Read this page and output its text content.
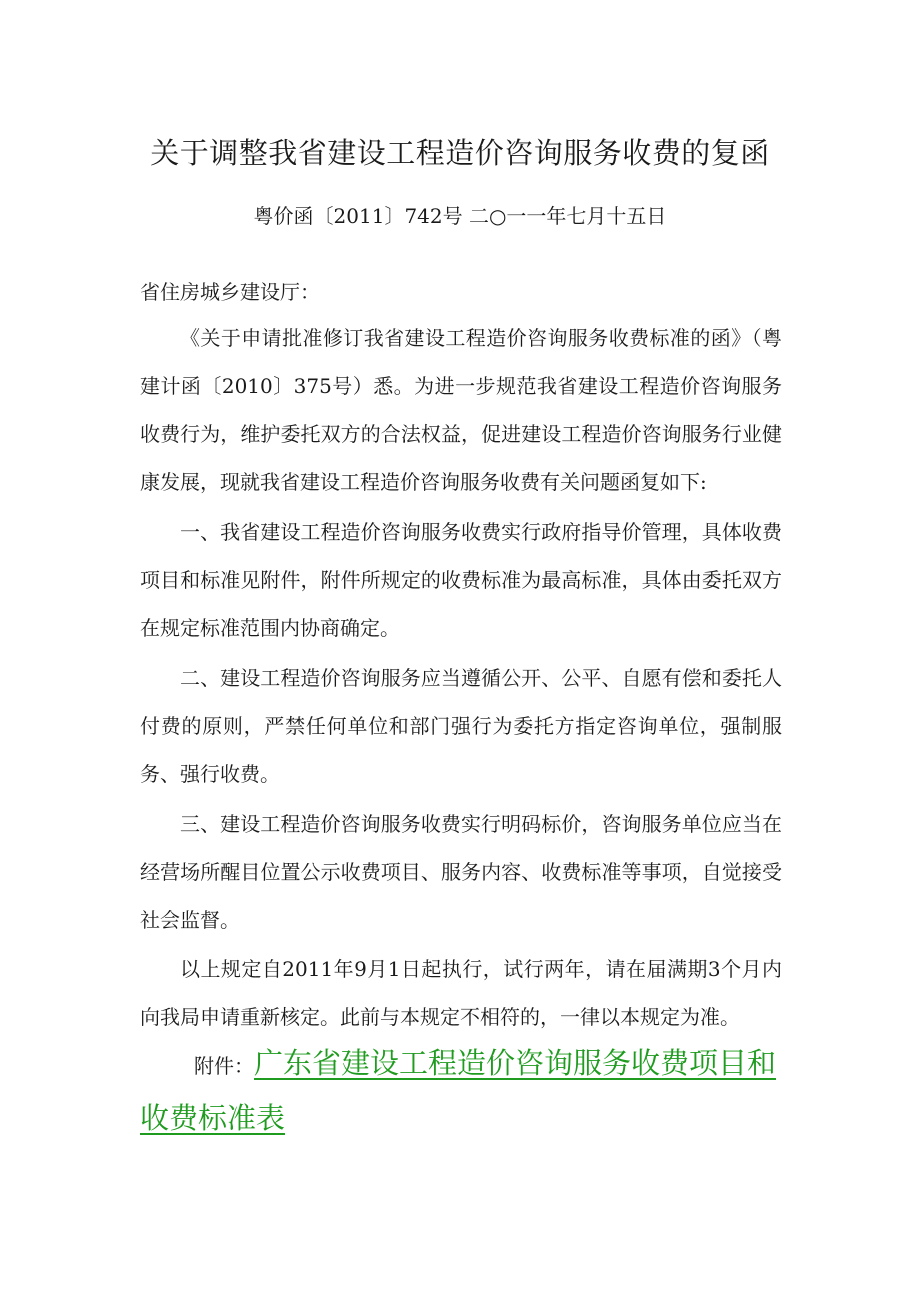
关于调整我省建设工程造价咨询服务收费的复函
粤价函〔2011〕742号 二○一一年七月十五日
省住房城乡建设厅：
《关于申请批准修订我省建设工程造价咨询服务收费标准的函》（粤建计函〔2010〕375号）悉。为进一步规范我省建设工程造价咨询服务收费行为，维护委托双方的合法权益，促进建设工程造价咨询服务行业健康发展，现就我省建设工程造价咨询服务收费有关问题函复如下:
一、我省建设工程造价咨询服务收费实行政府指导价管理，具体收费项目和标准见附件，附件所规定的收费标准为最高标准，具体由委托双方在规定标准范围内协商确定。
二、建设工程造价咨询服务应当遵循公开、公平、自愿有偿和委托人付费的原则，严禁任何单位和部门强行为委托方指定咨询单位，强制服务、强行收费。
三、建设工程造价咨询服务收费实行明码标价，咨询服务单位应当在经营场所醒目位置公示收费项目、服务内容、收费标准等事项，自觉接受社会监督。
以上规定自2011年9月1日起执行，试行两年，请在届满期3个月内向我局申请重新核定。此前与本规定不相符的，一律以本规定为准。
附件：广东省建设工程造价咨询服务收费项目和收费标准表
